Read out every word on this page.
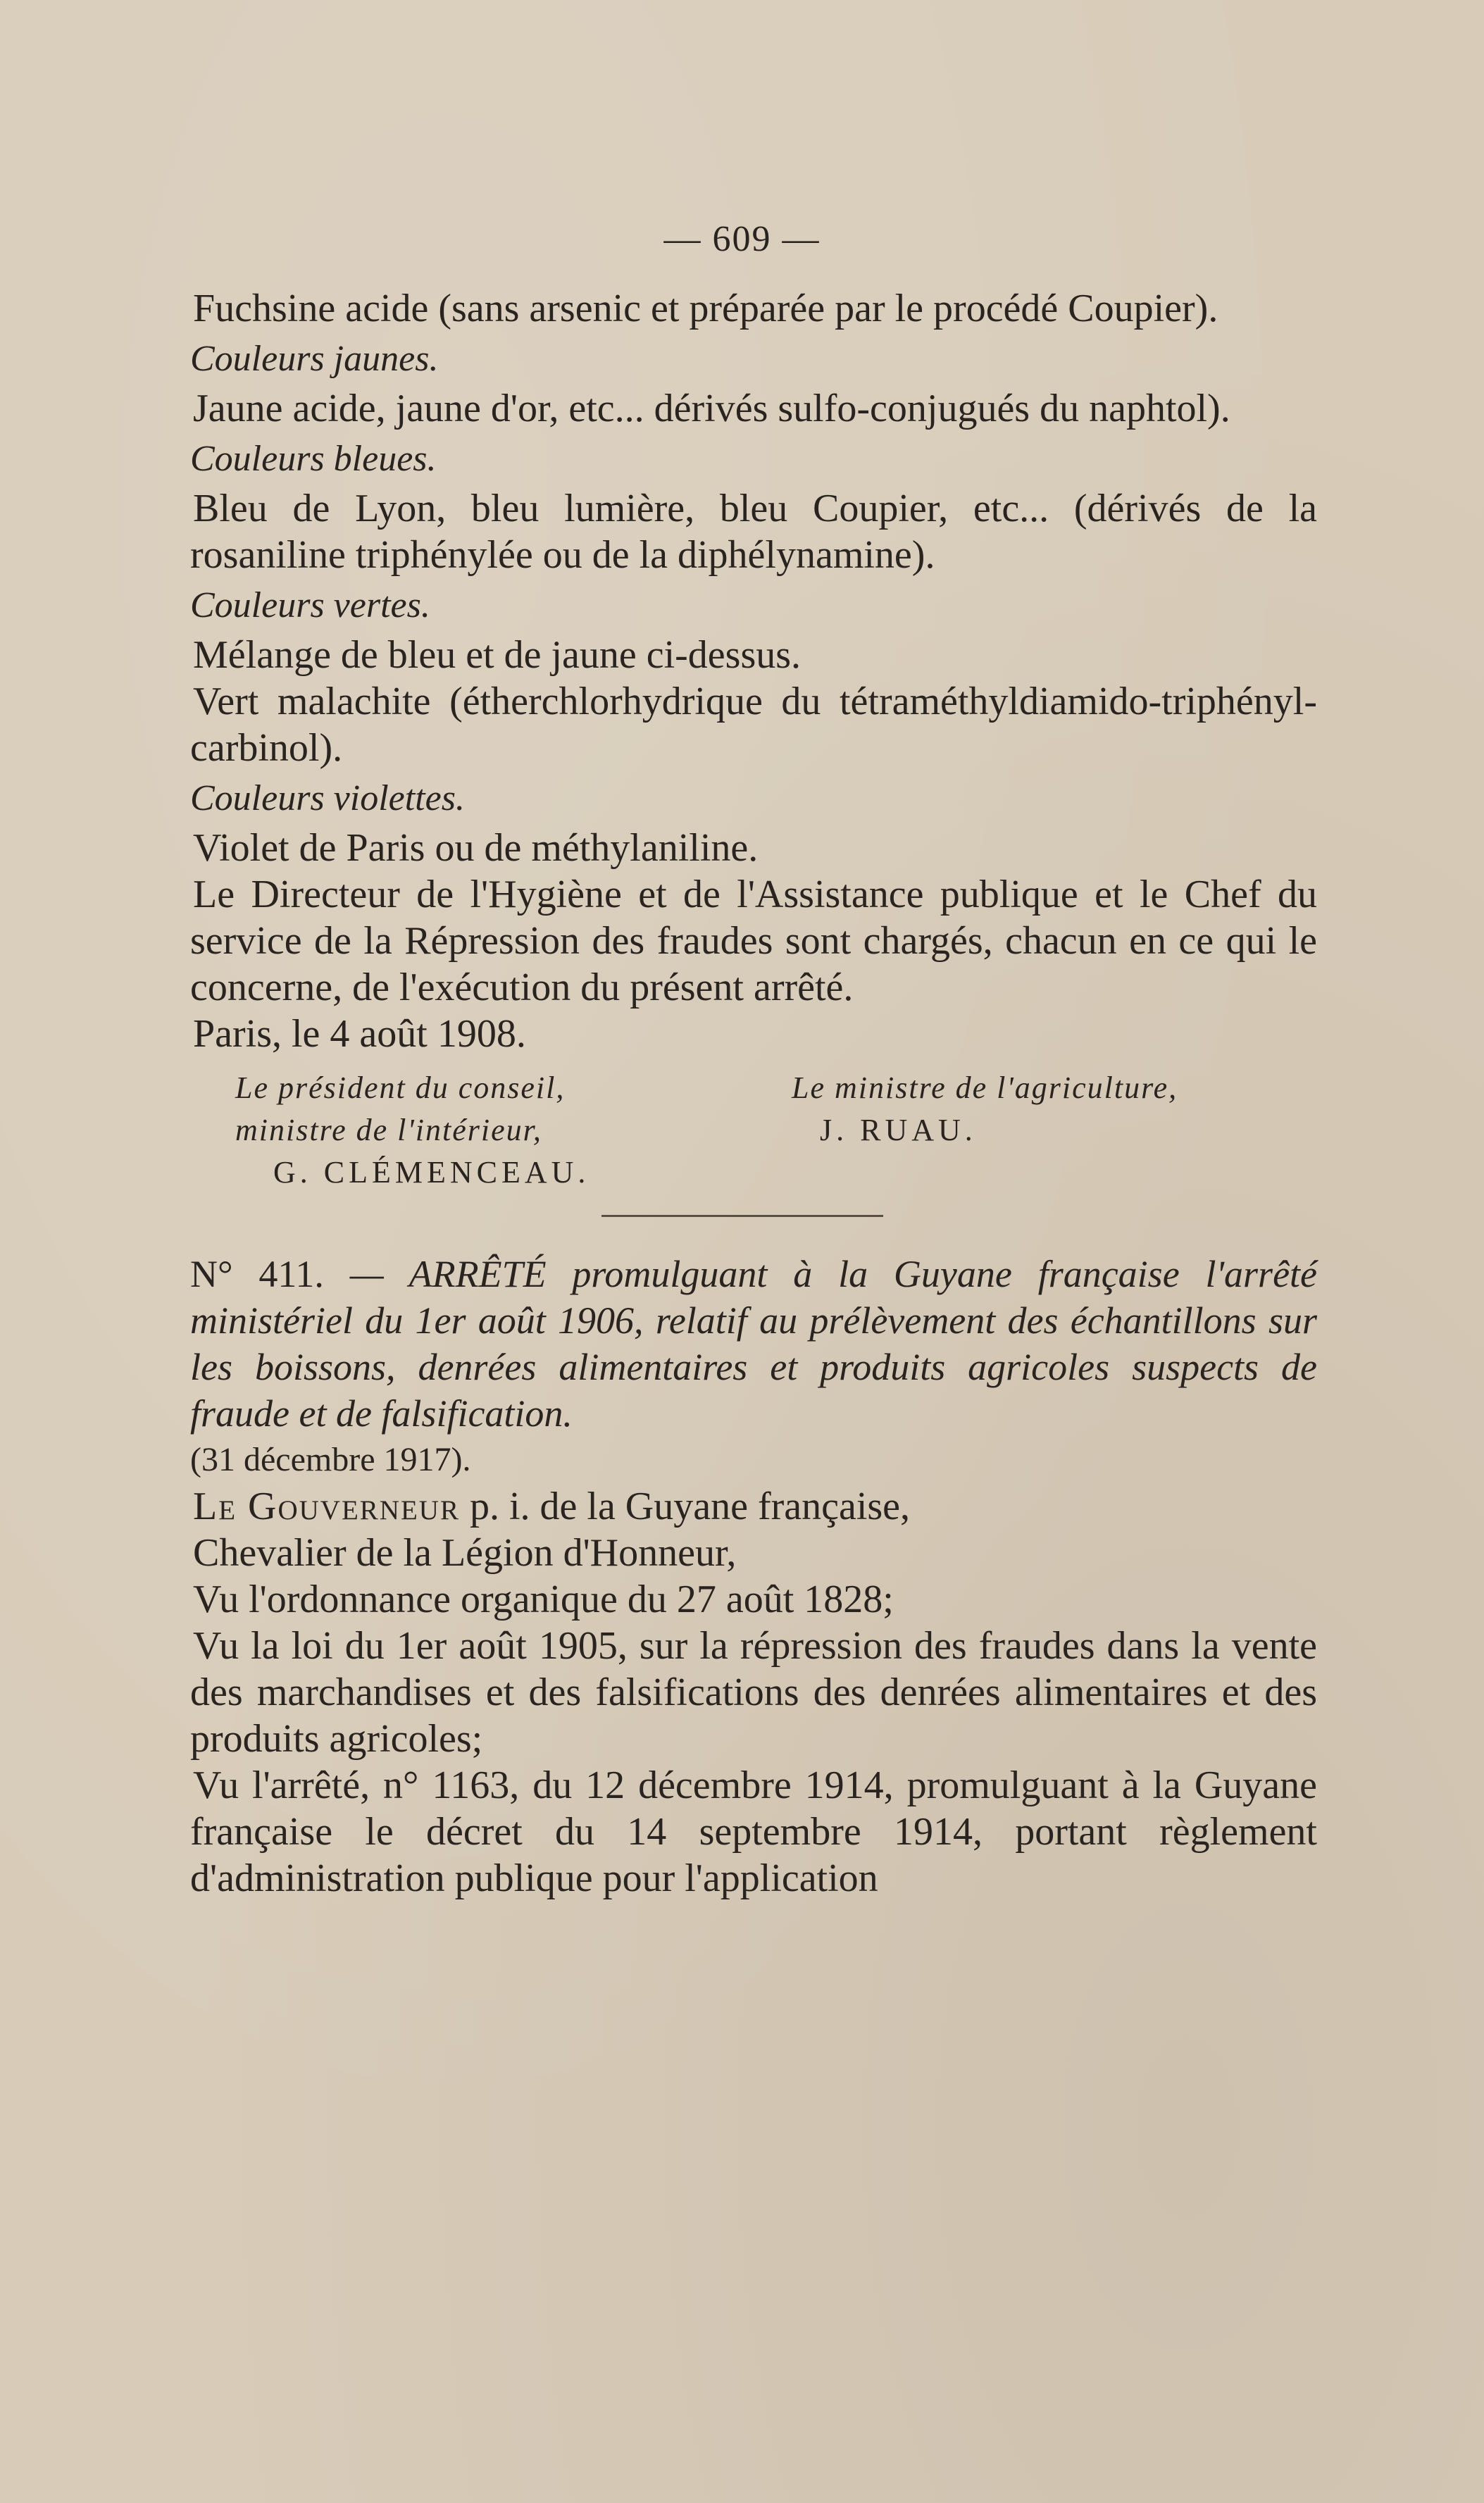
— 609 —

Fuchsine acide (sans arsenic et préparée par le procédé Coupier).

Couleurs jaunes.

Jaune acide, jaune d'or, etc... dérivés sulfo-conjugués du naphtol).

Couleurs bleues.

Bleu de Lyon, bleu lumière, bleu Coupier, etc... (dérivés de la rosaniline triphénylée ou de la diphélynamine).

Couleurs vertes.

Mélange de bleu et de jaune ci-dessus.

Vert malachite (étherchlorhydrique du tétraméthyldiamido-triphényl-carbinol).

Couleurs violettes.

Violet de Paris ou de méthylaniline.

Le Directeur de l'Hygiène et de l'Assistance publique et le Chef du service de la Répression des fraudes sont chargés, chacun en ce qui le concerne, de l'exécution du présent arrêté.

Paris, le 4 août 1908.

Le président du conseil,
ministre de l'intérieur,
G. CLÉMENCEAU.
Le ministre de l'agriculture,
J. RUAU.

N° 411. — ARRÊTÉ promulguant à la Guyane française l'arrêté ministériel du 1er août 1906, relatif au prélèvement des échantillons sur les boissons, denrées alimentaires et produits agricoles suspects de fraude et de falsification.

(31 décembre 1917).

Le Gouverneur p. i. de la Guyane française,

Chevalier de la Légion d'Honneur,

Vu l'ordonnance organique du 27 août 1828;

Vu la loi du 1er août 1905, sur la répression des fraudes dans la vente des marchandises et des falsifications des denrées alimentaires et des produits agricoles;

Vu l'arrêté, n° 1163, du 12 décembre 1914, promulguant à la Guyane française le décret du 14 septembre 1914, portant règlement d'administration publique pour l'application
